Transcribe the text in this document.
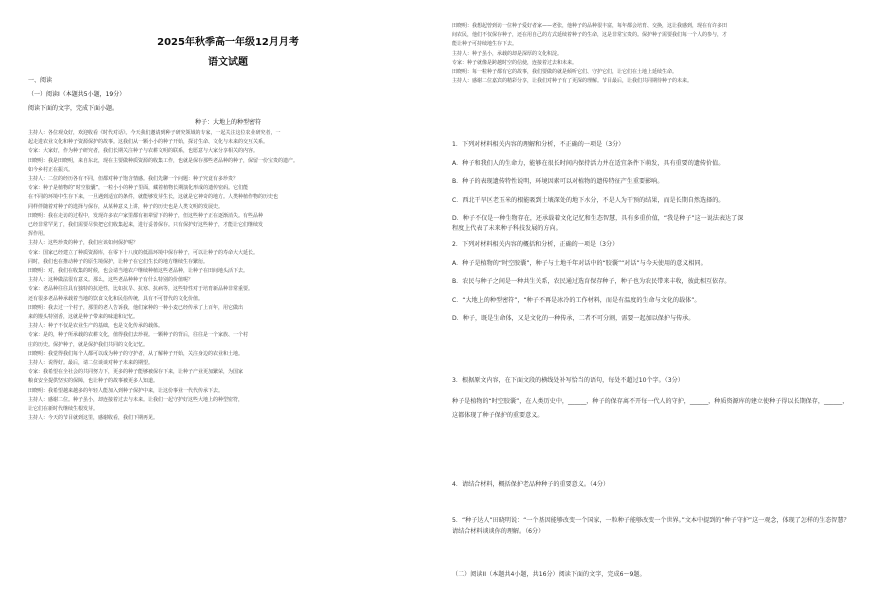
2025年秋季高一年级12月月考
语文试题
一、阅读
（一）阅读I（本题共5小题，19分）
阅读下面的文字，完成下面小题。
种子：大地上的种型密符
主持人：各位观众好，欢迎收看《时代对话》。今天我们邀请到种子研究领域的专家，一起关注这位农业研究者，一
起走进农业文化和种子资源保护的故事。这我们从一颗小小的种子开始，探讨生命、文化与未来的交互关系。
专家：大家好，作为种子研究者，我们长期关注种子与农耕文明的联系，也愿意与大家分享相关的内容。
田晓明：我是田晓明，来自东北，现在主要做种质资源的收集工作，也就是保存那些老品种的种子，保留一份宝贵的遗产。
如今乡村正在振兴。
主持人：二位的经历各有不同，但都对种子饱含情感。我们先聊一个问题：种子究竟有多珍贵？
专家：种子是植物的“时空胶囊”，一粒小小的种子里面，藏着植物长期演化形成的遗传密码。它们能
在不同的环境中生存下来，一旦遇到适宜的条件，就能够发芽生长，这就是它神奇的地方。人类种植作物的历史也
同样伴随着对种子的选择与保存，从某种意义上讲，种子的历史也是人类文明的发展史。
田晓明：我在走访的过程中，发现许多农户家里都有祖辈留下的种子，但这些种子正在逐渐消失。有些品种
已经非常罕见了，我们需要尽快把它们收集起来，进行妥善保存。只有保护好这些种子，才能让它们继续发
挥作用。
主持人：这些珍贵的种子，我们应该如何保护呢？
专家：国家已经建立了种质资源库，在零下十八度的低温环境中保存种子，可以让种子的寿命大大延长。
同时，我们也在推动种子的原生境保护，让种子在它们生长的地方继续生存繁衍。
田晓明：对，我们在收集的时候，也会请当地农户继续种植这些老品种，让种子在田间地头活下去。
主持人：这种做法很有意义。那么，这些老品种种子有什么特别的价值呢？
专家：老品种往往具有独特的抗逆性，比如抗旱、抗寒、抗病等，这些特性对于培育新品种非常重要。
还有很多老品种承载着当地的饮食文化和民俗传统，具有不可替代的文化价值。
田晓明：我去过一个村子，那里的老人告诉我，他们家种的一种小麦已经传承了上百年，用它做出
来的馒头特别香，这就是种子带来的味道和记忆。
主持人：种子不仅是农业生产的基础，也是文化传承的载体。
专家：是的，种子所承载的农耕文化，值得我们去珍视。一颗种子的背后，往往是一个家族、一个村
庄的历史。保护种子，就是保护我们共同的文化记忆。
田晓明：我觉得我们每个人都可以成为种子的守护者，从了解种子开始，关注身边的农业和土地。
主持人：说得好。最后，请二位谈谈对种子未来的期望。
专家：我希望在全社会的共同努力下，更多的种子能够被保存下来，让种子产业更加繁荣，为国家
粮食安全提供坚实的保障，也让种子的故事被更多人知道。
田晓明：我希望越来越多的年轻人能加入到种子保护中来，让这份事业一代代传承下去。
主持人：感谢二位。种子虽小，却连接着过去与未来。让我们一起守护好这些大地上的种型密符，
让它们在新时代继续生根发芽。
主持人：今天的节目就到这里，感谢收看，我们下期再见。
田晓明：我想起曾到访一位种子爱好者家——老张，他种子的品种很丰富，每年都会培育、交换，这让我感到，现在有许多田
间农民，他们不仅保存种子，还在用自己的方式延续着种子的生命，这是非常宝贵的。保护种子需要我们每一个人的参与，才
能让种子可持续地生存下去。
主持人：种子虽小，承载的却是深厚的文化积淀。
专家：种子就像是跨越时空的信使，连接着过去和未来。
田晓明：每一粒种子都有它的故事，我们要做的就是倾听它们、守护它们，让它们在土地上延续生命。
主持人：感谢二位嘉宾的精彩分享，让我们对种子有了更深的理解。节目最后，让我们共同期待种子的未来。
1．下列对材料相关内容的理解和分析，不正确的一项是（3分）
A．种子和我们人的生命力，能够在很长时间内保持活力并在适宜条件下萌发，具有重要的遗传价值。
B．种子的表现遗传特性说明，环境因素可以对植物的遗传特征产生重要影响。
C．西北干旱区老玉米的根能吸到土壤深处的地下水分，不是人为干预的结果，而是长期自然选择的。
D．种子不仅是一种生物存在，还承载着文化记忆和生态智慧，具有多重价值，“我是种子”这一说法表达了深
程度上代表了未来种子科技发展的方向。
2．下列对材料相关内容的概括和分析，正确的一项是（3分）
A．种子是植物的“时空胶囊”，种子与土地千年对话中的“胶囊”“对话”与今天使用的意义相同。
B．农民与种子之间是一种共生关系，农民通过选育保存种子，种子也为农民带来丰收，彼此相互依存。
C．“大地上的种型密符”，“种子不再是冰冷的工作材料，而是有温度的生命与文化的载体”。
D．种子，既是生命体，又是文化的一种传承，二者不可分割，需要一起加以保护与传承。
3．根据原文内容，在下面文段的横线处补写恰当的语句，每处不超过10个字。（3分）
种子是植物的“时空胶囊”，在人类历史中，______，种子的保存离不开每一代人的守护，______，种质资源库的建立使种子得以长期保存，______，这都体现了种子保护的重要意义。
4．请结合材料，概括保护老品种种子的重要意义。（4分）
5．“种子达人”田晓明说：“一个基因能够改变一个国家，一粒种子能够改变一个世界。”文本中提到的“种子守护”这一观念，体现了怎样的生态智慧？请结合材料谈谈你的理解。（6分）
（二）阅读II（本题共4小题，共16分）阅读下面的文字，完成6～9题。
